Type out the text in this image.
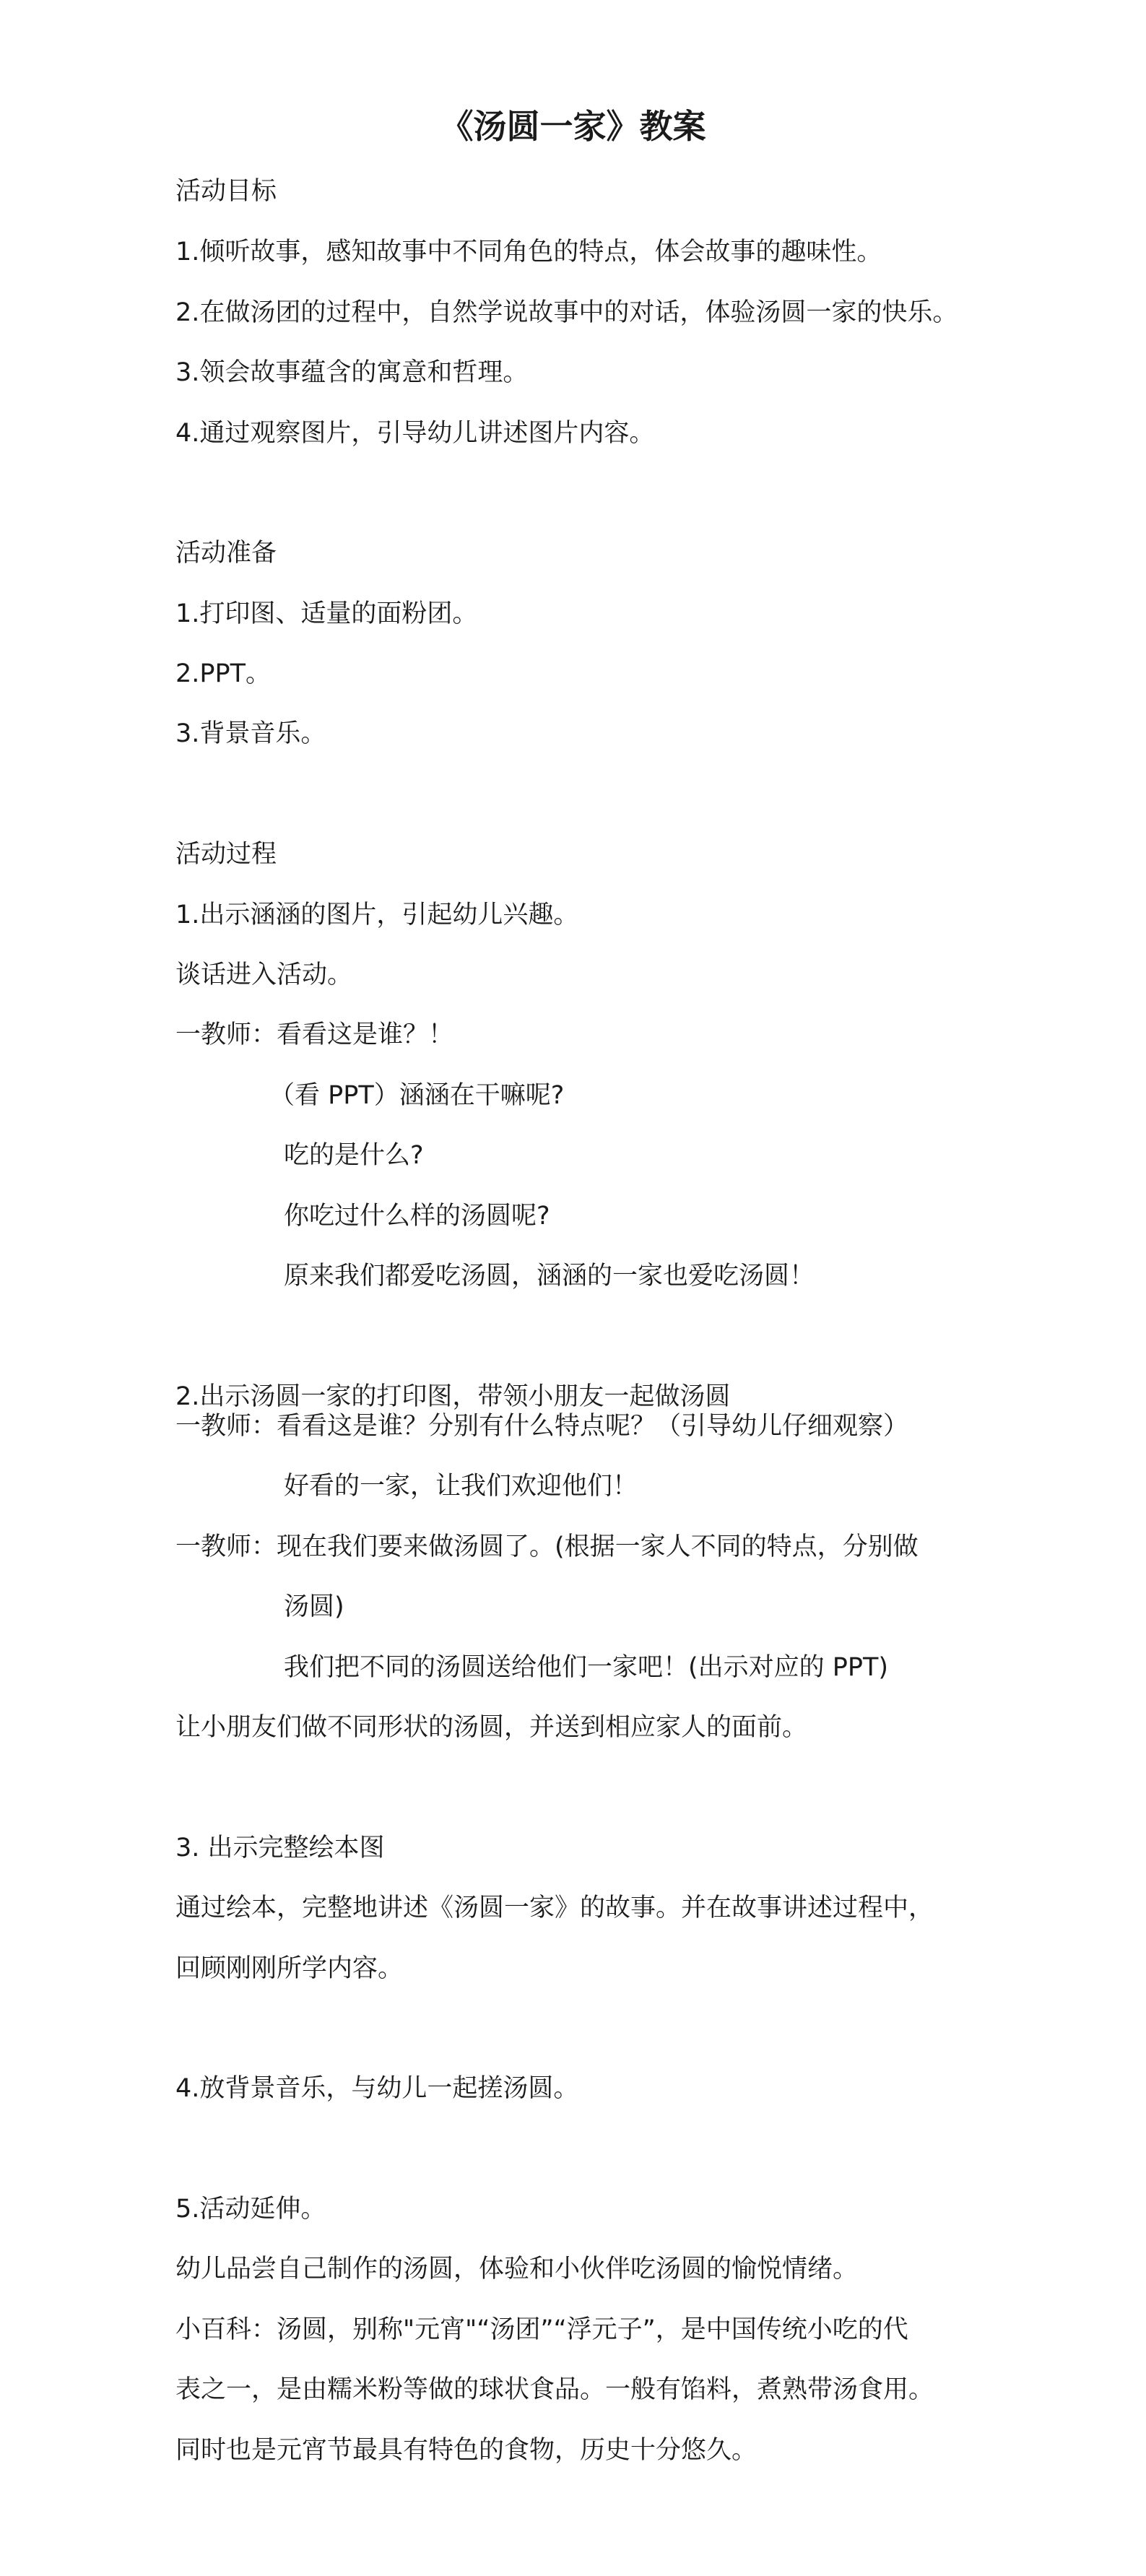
《汤圆一家》教案
活动目标
1.倾听故事，感知故事中不同角色的特点，体会故事的趣味性。
2.在做汤团的过程中，自然学说故事中的对话，体验汤圆一家的快乐。
3.领会故事蕴含的寓意和哲理。
4.通过观察图片，引导幼儿讲述图片内容。
活动准备
1.打印图、适量的面粉团。
2.PPT。
3.背景音乐。
活动过程
1.出示涵涵的图片，引起幼儿兴趣。
谈话进入活动。
一教师：看看这是谁？！
（看 PPT）涵涵在干嘛呢?
吃的是什么?
你吃过什么样的汤圆呢?
原来我们都爱吃汤圆，涵涵的一家也爱吃汤圆！
2.出示汤圆一家的打印图，带领小朋友一起做汤圆
一教师：看看这是谁？分别有什么特点呢？（引导幼儿仔细观察）
好看的一家，让我们欢迎他们！
一教师：现在我们要来做汤圆了。(根据一家人不同的特点，分别做
汤圆)
我们把不同的汤圆送给他们一家吧！(出示对应的 PPT)
让小朋友们做不同形状的汤圆，并送到相应家人的面前。
3. 出示完整绘本图
通过绘本，完整地讲述《汤圆一家》的故事。并在故事讲述过程中，
回顾刚刚所学内容。
4.放背景音乐，与幼儿一起搓汤圆。
5.活动延伸。
幼儿品尝自己制作的汤圆，体验和小伙伴吃汤圆的愉悦情绪。
小百科：汤圆，别称"元宵"“汤团”“浮元子”，是中国传统小吃的代
表之一，是由糯米粉等做的球状食品。一般有馅料，煮熟带汤食用。
同时也是元宵节最具有特色的食物，历史十分悠久。
